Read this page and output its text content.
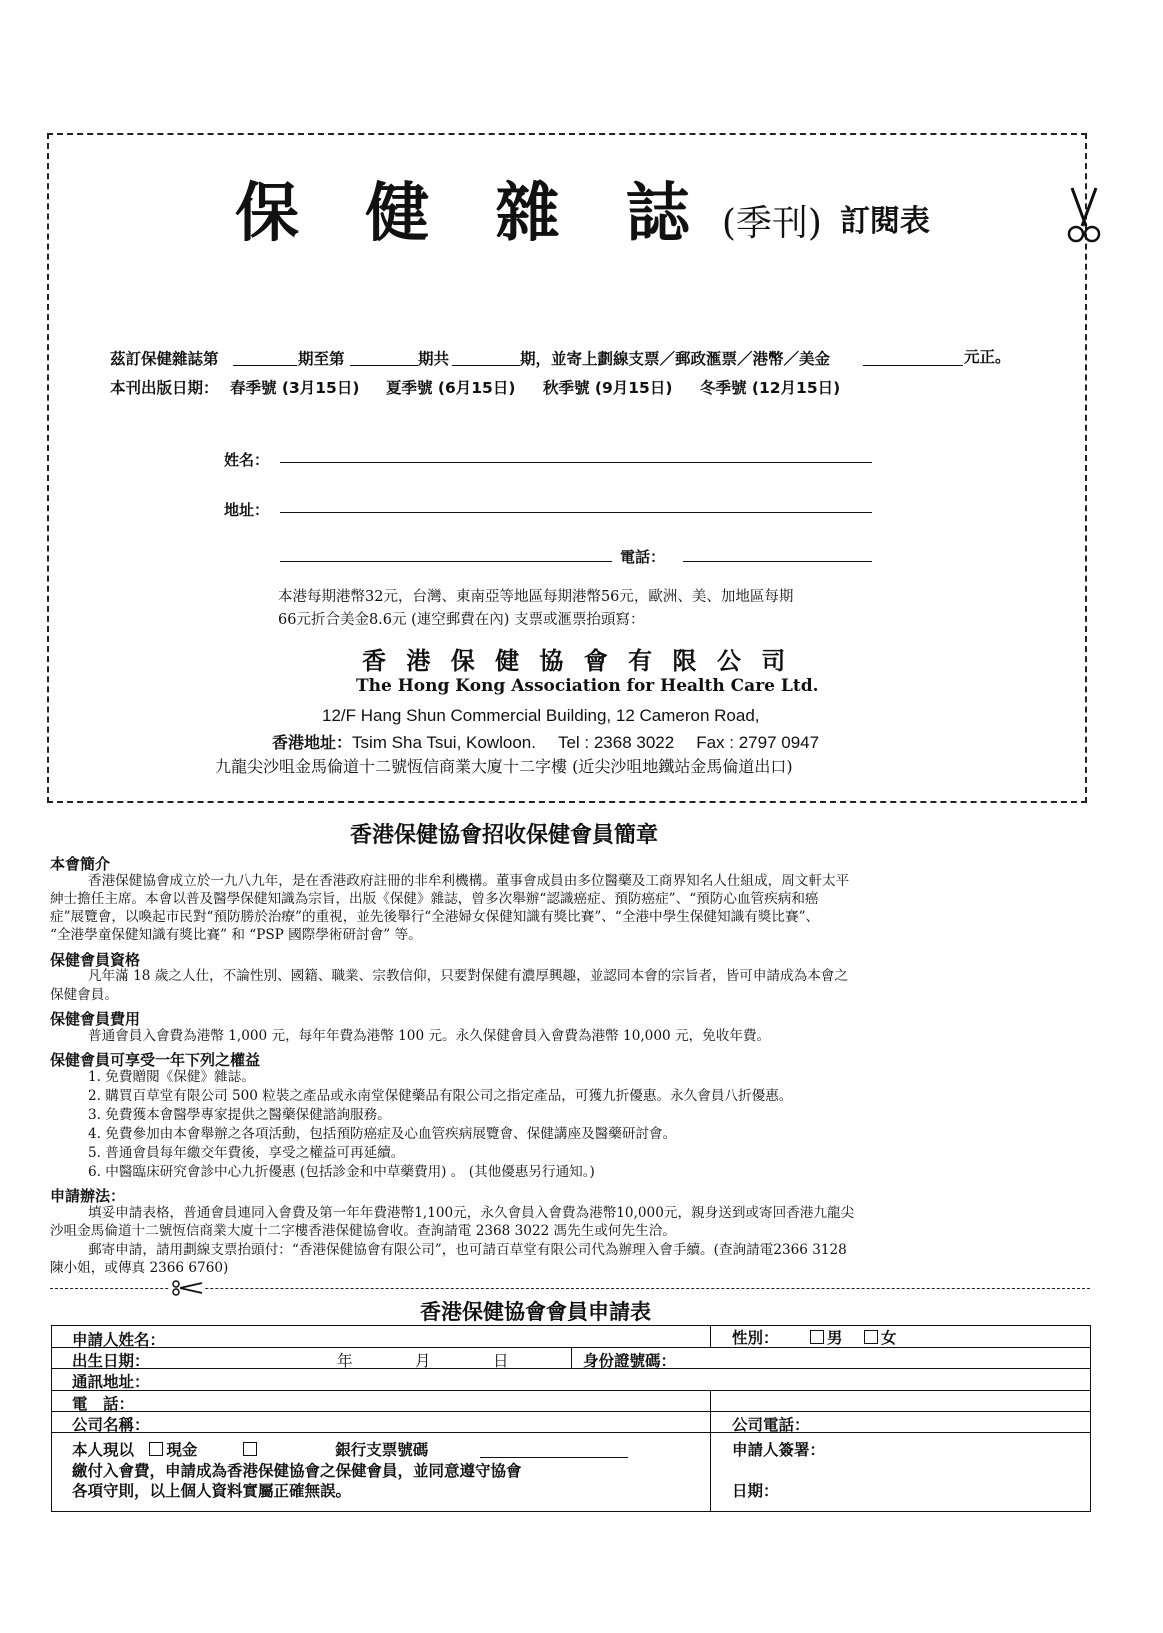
保 健 雜 誌 (季刊) 訂閱表
茲訂保健雜誌第	期至第	期共	期，並寄上劃線支票／郵政滙票／港幣／美金	元正。
本刊出版日期： 春季號 (3月15日) 夏季號 (6月15日) 秋季號 (9月15日) 冬季號 (12月15日)
姓名：
地址：
電話：
本港每期港幣32元，台灣、東南亞等地區每期港幣56元，歐洲、美、加地區每期
66元折合美金8.6元 (連空郵費在內) 支票或滙票抬頭寫：
香 港 保 健 協 會 有 限 公 司
The Hong Kong Association for Health Care Ltd.
12/F Hang Shun Commercial Building, 12 Cameron Road,
香港地址：Tsim Sha Tsui, Kowloon. Tel : 2368 3022 Fax : 2797 0947
九龍尖沙咀金馬倫道十二號恆信商業大廈十二字樓 (近尖沙咀地鐵站金馬倫道出口)
香港保健協會招收保健會員簡章
本會簡介
香港保健協會成立於一九八九年，是在香港政府註冊的非牟利機構。董事會成員由多位醫藥及工商界知名人仕組成，周文軒太平
紳士擔任主席。本會以普及醫學保健知識為宗旨，出版《保健》雜誌，曾多次舉辦“認識癌症、預防癌症”、“預防心血管疾病和癌
症”展覽會，以喚起市民對“預防勝於治療”的重視，並先後舉行“全港婦女保健知識有獎比賽”、“全港中學生保健知識有獎比賽”、
“全港學童保健知識有獎比賽” 和 “PSP 國際學術研討會” 等。
保健會員資格
凡年滿 18 歲之人仕，不論性別、國籍、職業、宗教信仰，只要對保健有濃厚興趣，並認同本會的宗旨者，皆可申請成為本會之
保健會員。
保健會員費用
普通會員入會費為港幣 1,000 元，每年年費為港幣 100 元。永久保健會員入會費為港幣 10,000 元，免收年費。
保健會員可享受一年下列之權益
1. 免費贈閱《保健》雜誌。
2. 購買百草堂有限公司 500 粒裝之產品或永南堂保健藥品有限公司之指定產品，可獲九折優惠。永久會員八折優惠。
3. 免費獲本會醫學專家提供之醫藥保健諮詢服務。
4. 免費參加由本會舉辦之各項活動，包括預防癌症及心血管疾病展覽會、保健講座及醫藥研討會。
5. 普通會員每年繳交年費後，享受之權益可再延續。
6. 中醫臨床研究會診中心九折優惠 (包括診金和中草藥費用) 。 (其他優惠另行通知。)
申請辦法：
填妥申請表格，普通會員連同入會費及第一年年費港幣1,100元，永久會員入會費為港幣10,000元，親身送到或寄回香港九龍尖
沙咀金馬倫道十二號恆信商業大廈十二字樓香港保健協會收。查詢請電 2368 3022 馮先生或何先生洽。
郵寄申請，請用劃線支票抬頭付：“香港保健協會有限公司”，也可請百草堂有限公司代為辦理入會手續。(查詢請電2366 3128
陳小姐，或傳真 2366 6760)
香港保健協會會員申請表
申請人姓名：	性別：	男 女
出生日期：	年	月	日	身份證號碼：
通訊地址：
電　話：
公司名稱：	公司電話：
本人現以 現金	銀行支票號碼
繳付入會費，申請成為香港保健協會之保健會員，並同意遵守協會
各項守則，以上個人資料實屬正確無誤。
申請人簽署：
日期：
